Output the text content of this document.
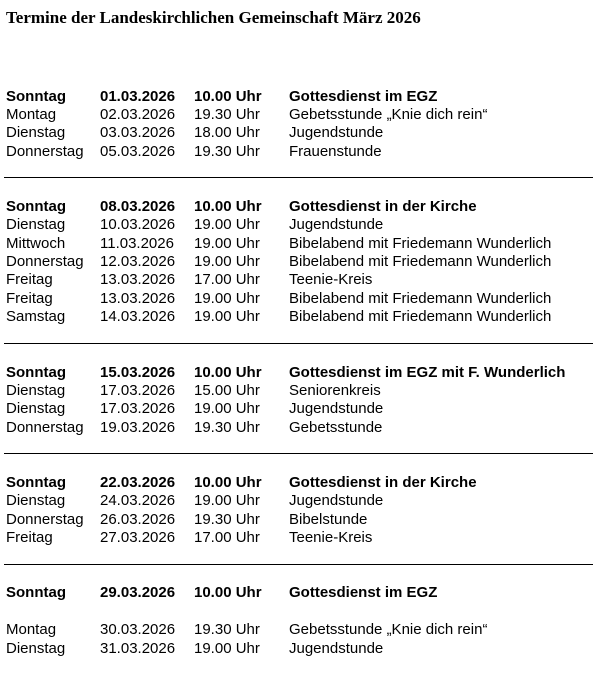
Termine der Landeskirchlichen Gemeinschaft März 2026
Sonntag 01.03.2026 10.00 Uhr Gottesdienst im EGZ
Montag	02.03.2026 19.30 Uhr Gebetsstunde „Knie dich rein“
Dienstag 03.03.2026 18.00 Uhr Jugendstunde
Donnerstag 05.03.2026 19.30 Uhr Frauenstunde
Sonntag 08.03.2026 10.00 Uhr Gottesdienst in der Kirche
Dienstag 10.03.2026 19.00 Uhr Jugendstunde
Mittwoch 11.03.2026 19.00 Uhr Bibelabend mit Friedemann Wunderlich
Donnerstag 12.03.2026 19.00 Uhr Bibelabend mit Friedemann Wunderlich
Freitag	13.03.2026 17.00 Uhr Teenie-Kreis
Freitag	13.03.2026 19.00 Uhr Bibelabend mit Friedemann Wunderlich
Samstag 14.03.2026 19.00 Uhr Bibelabend mit Friedemann Wunderlich
Sonntag 15.03.2026 10.00 Uhr Gottesdienst im EGZ mit F. Wunderlich
Dienstag 17.03.2026 15.00 Uhr Seniorenkreis
Dienstag 17.03.2026 19.00 Uhr Jugendstunde
Donnerstag 19.03.2026 19.30 Uhr Gebetsstunde
Sonntag 22.03.2026 10.00 Uhr Gottesdienst in der Kirche
Dienstag 24.03.2026 19.00 Uhr Jugendstunde
Donnerstag 26.03.2026 19.30 Uhr Bibelstunde
Freitag	27.03.2026 17.00 Uhr Teenie-Kreis
Sonntag 29.03.2026 10.00 Uhr Gottesdienst im EGZ
Montag	30.03.2026 19.30 Uhr Gebetsstunde „Knie dich rein“
Dienstag 31.03.2026 19.00 Uhr Jugendstunde
